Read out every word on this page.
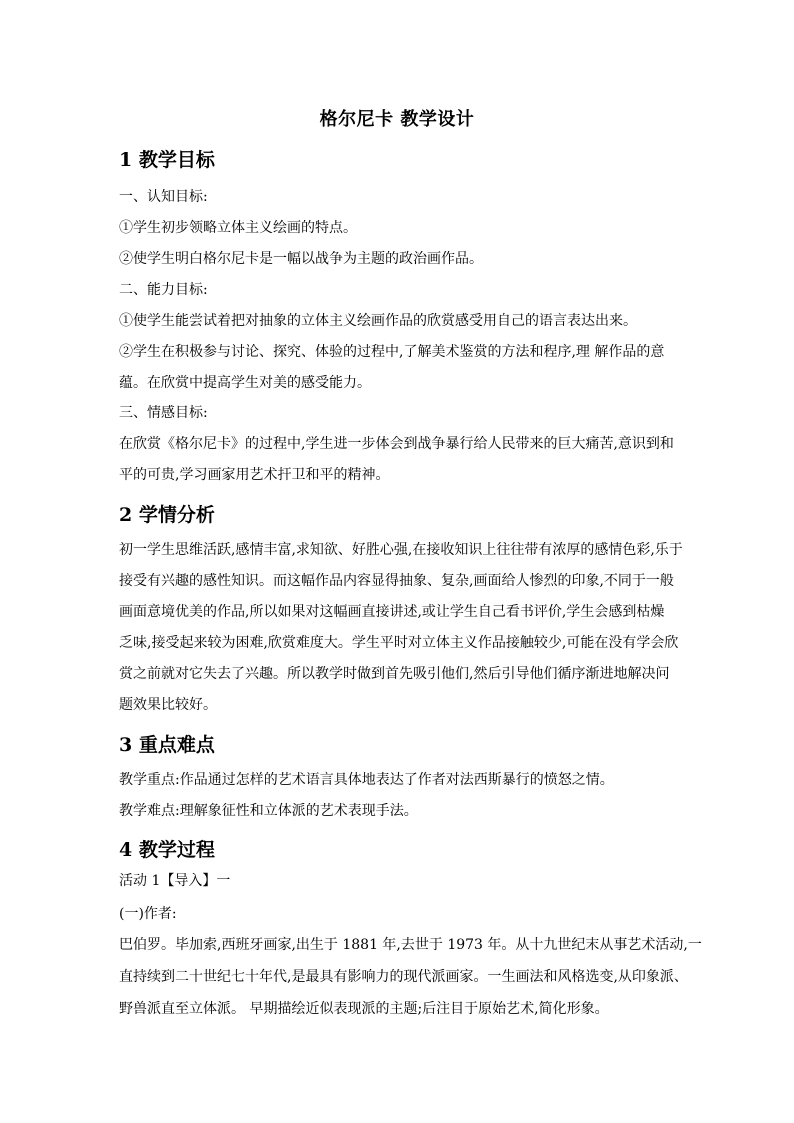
格尔尼卡 教学设计
1 教学目标
一、认知目标:
①学生初步领略立体主义绘画的特点。
②使学生明白格尔尼卡是一幅以战争为主题的政治画作品。
二、能力目标:
①使学生能尝试着把对抽象的立体主义绘画作品的欣赏感受用自己的语言表达出来。
②学生在积极参与讨论、探究、体验的过程中,了解美术鉴赏的方法和程序,理 解作品的意
蕴。在欣赏中提高学生对美的感受能力。
三、情感目标:
在欣赏《格尔尼卡》的过程中,学生进一步体会到战争暴行给人民带来的巨大痛苦,意识到和
平的可贵,学习画家用艺术扞卫和平的精神。
2 学情分析
初一学生思维活跃,感情丰富,求知欲、好胜心强,在接收知识上往往带有浓厚的感情色彩,乐于
接受有兴趣的感性知识。而这幅作品内容显得抽象、复杂,画面给人惨烈的印象,不同于一般
画面意境优美的作品,所以如果对这幅画直接讲述,或让学生自己看书评价,学生会感到枯燥
乏味,接受起来较为困难,欣赏难度大。学生平时对立体主义作品接触较少,可能在没有学会欣
赏之前就对它失去了兴趣。所以教学时做到首先吸引他们,然后引导他们循序渐进地解决问
题效果比较好。
3 重点难点
教学重点:作品通过怎样的艺术语言具体地表达了作者对法西斯暴行的愤怒之情。
教学难点:理解象征性和立体派的艺术表现手法。
4 教学过程
活动 1【导入】一
(一)作者:
巴伯罗。毕加索,西班牙画家,出生于 1881 年,去世于 1973 年。从十九世纪末从事艺术活动,一
直持续到二十世纪七十年代,是最具有影响力的现代派画家。一生画法和风格选变,从印象派、
野兽派直至立体派。 早期描绘近似表现派的主题;后注目于原始艺术,简化形象。
